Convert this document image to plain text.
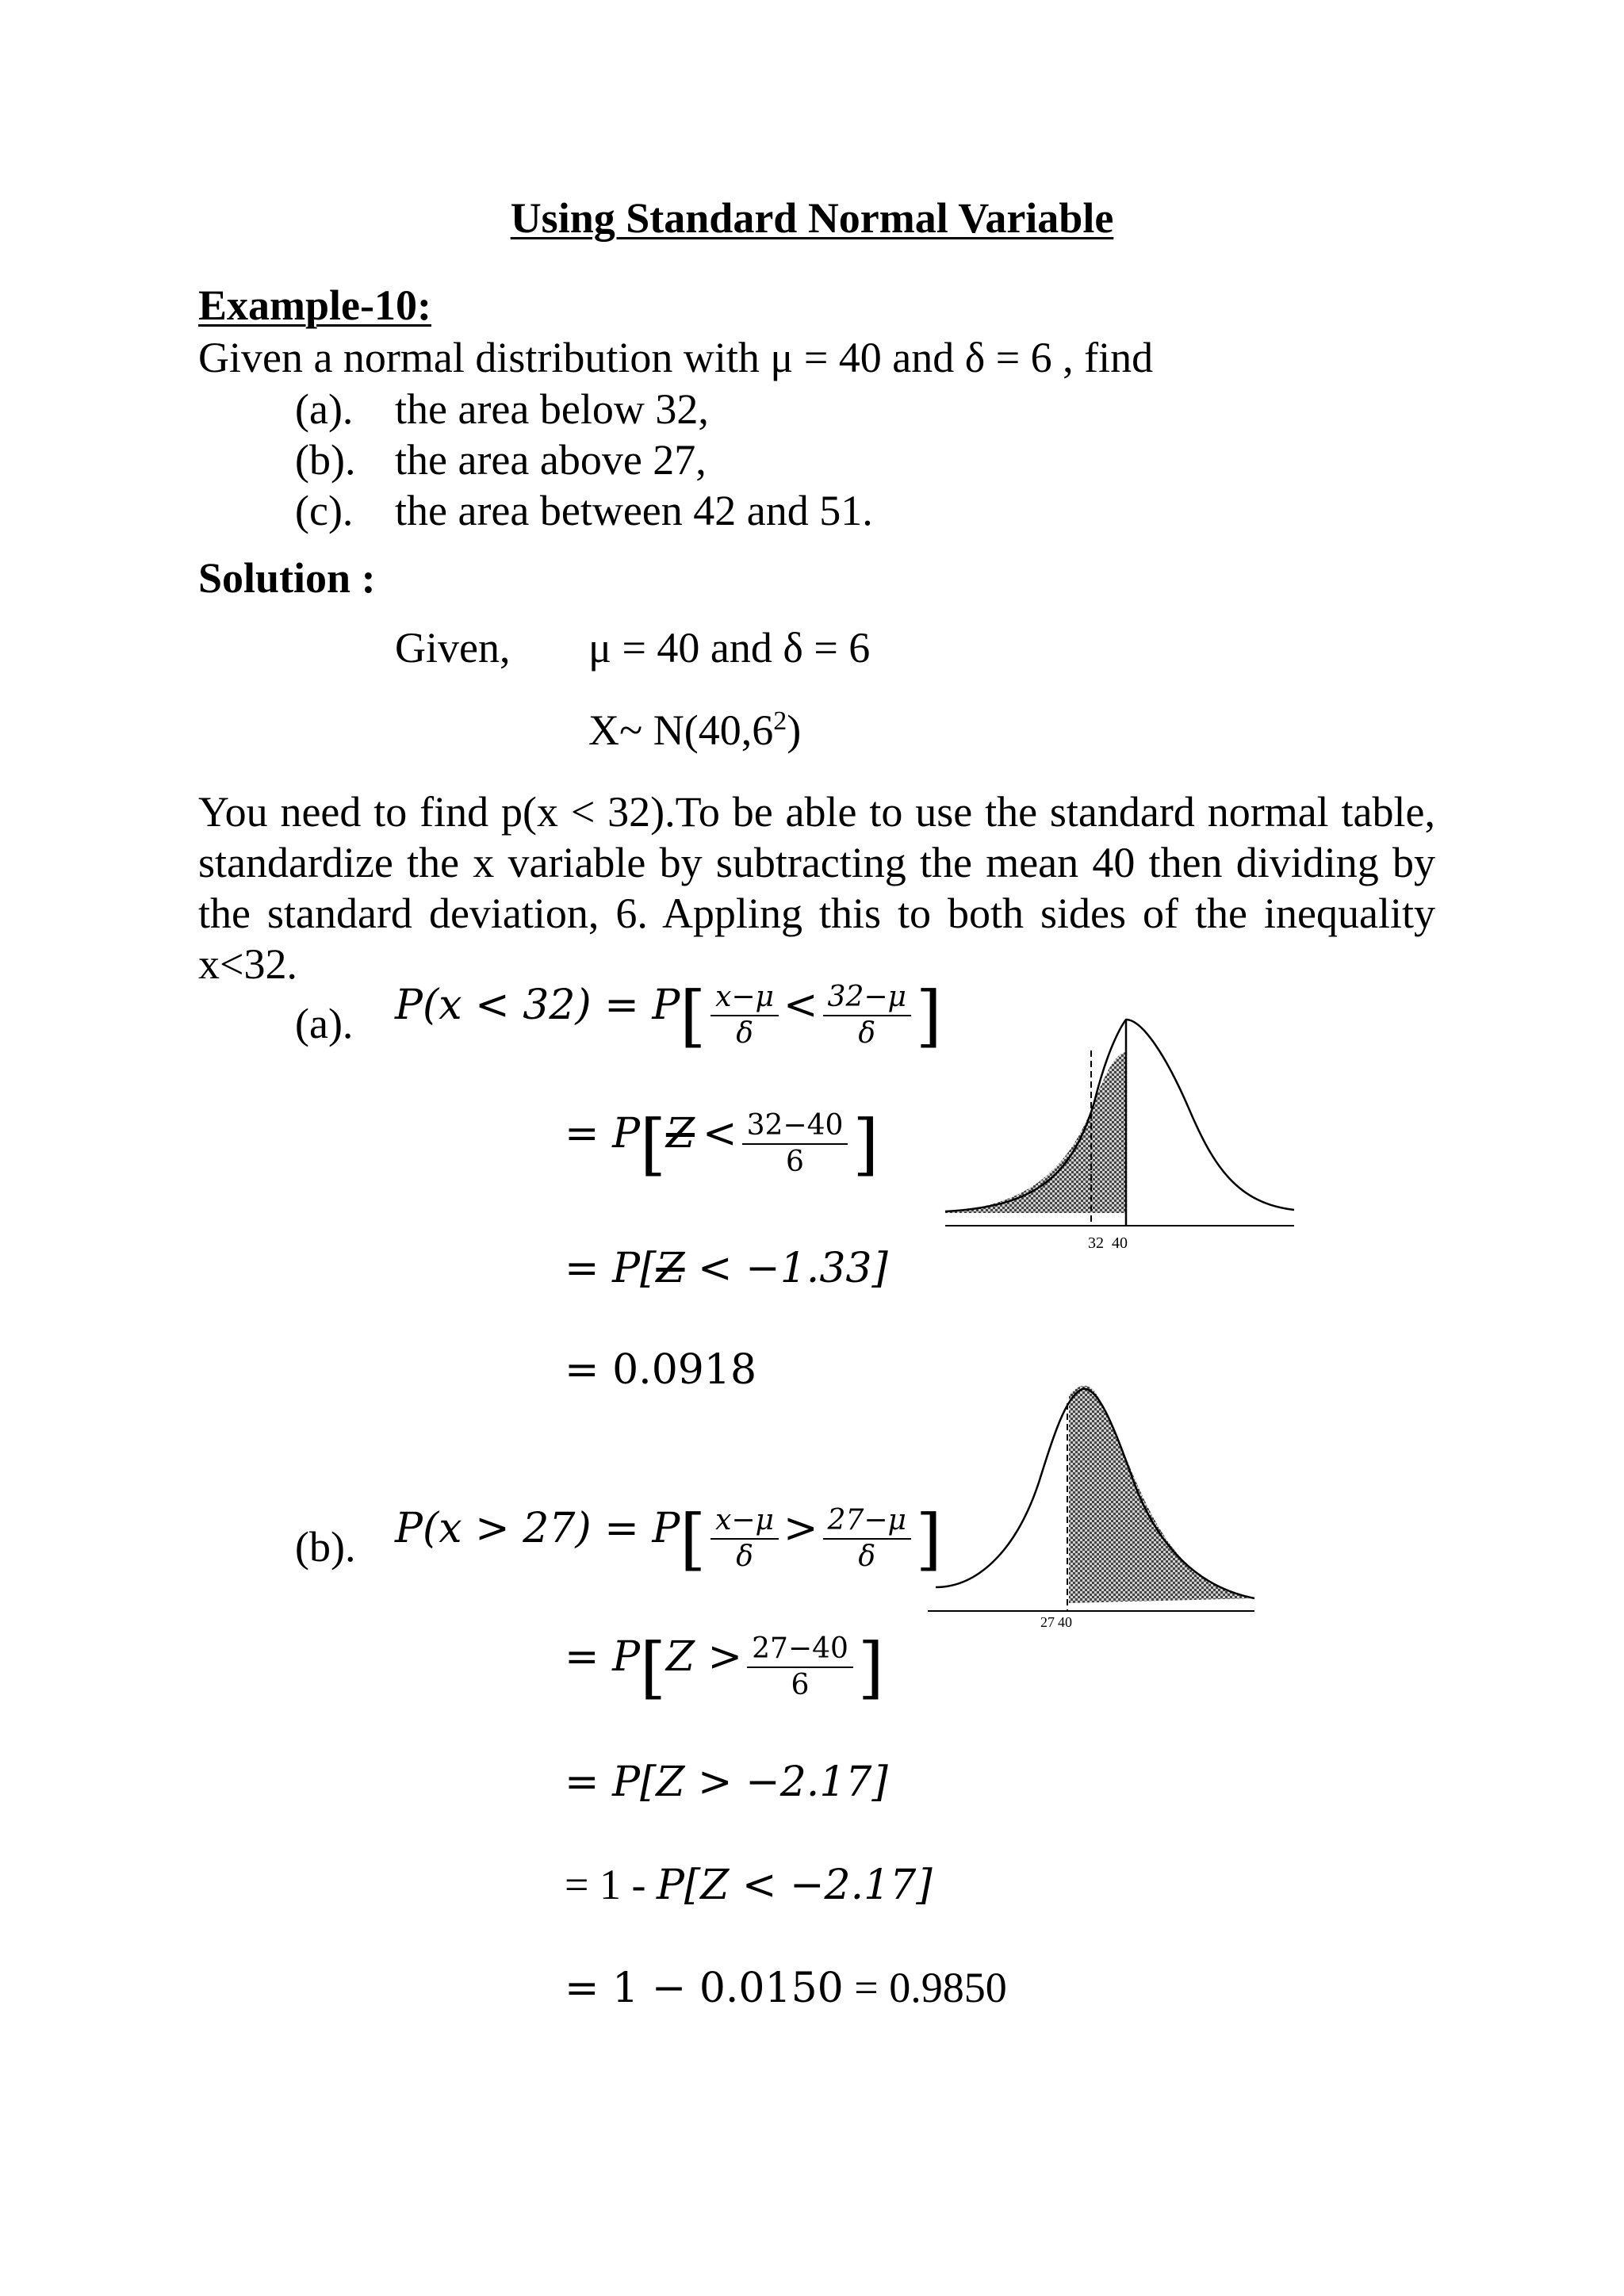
Using Standard Normal Variable
Example-10:
Given a normal distribution with μ = 40 and δ = 6 , find
(a). the area below 32,
(b). the area above 27,
(c). the area between 42 and 51.
Solution :
Given, μ = 40 and δ = 6
X~ N(40,6$^2$)
You need to find p(x < 32).To be able to use the standard normal table, standardize the x variable by subtracting the mean 40 then dividing by the standard deviation, 6. Appling this to both sides of the inequality x<32.
(a). $P(x < 32) = P[ \frac{x-\mu}{\delta} < \frac{32-\mu}{\delta}$ ]
= $P[Z < \frac{32-40}{6}$ ]
= P[Z < −1.33]
= 0.0918
32 40
(b). $P(x > 27) = P[ \frac{x-\mu}{\delta} > \frac{27-\mu}{\delta}$ ]
= $P[Z > \frac{27-40}{6}$ ]
= P[Z > −2.17]
= 1 - P[Z < −2.17]
= 1 − 0.0150 = 0.9850
27 40
